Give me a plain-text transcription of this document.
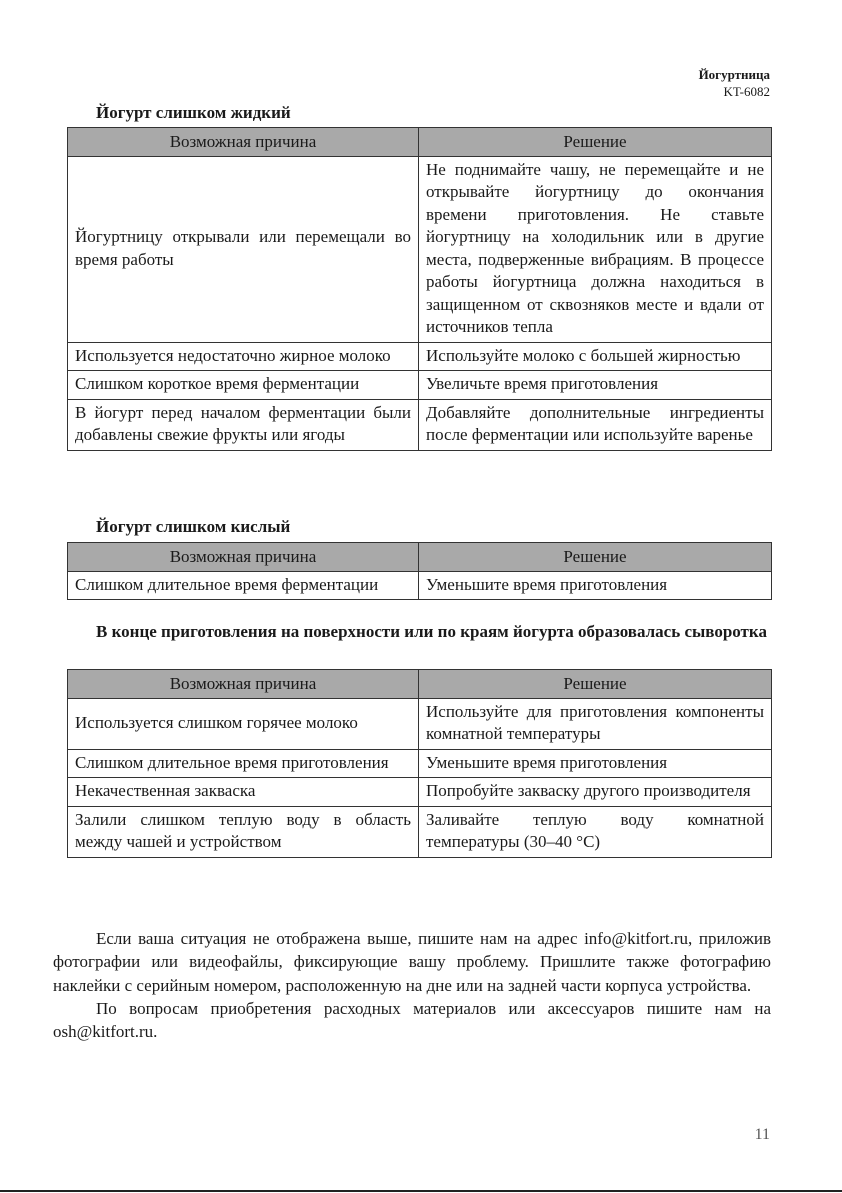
Йогуртница
KT-6082
Йогурт слишком жидкий
Возможная причина	Решение
Йогуртницу открывали или перемещали во время работы	Не поднимайте чашу, не перемещайте и не открывайте йогуртницу до окончания времени приготовления. Не ставьте йогуртницу на холодильник или в другие места, подверженные вибрациям. В процессе работы йогуртница должна находиться в защищенном от сквозняков месте и вдали от источников тепла
Используется недостаточно жирное молоко	Используйте молоко с большей жирностью
Слишком короткое время ферментации	Увеличьте время приготовления
В йогурт перед началом ферментации были добавлены свежие фрукты или ягоды	Добавляйте дополнительные ингредиенты после ферментации или используйте варенье
Йогурт слишком кислый
Возможная причина	Решение
Слишком длительное время ферментации	Уменьшите время приготовления
В конце приготовления на поверхности или по краям йогурта образовалась сыворотка
Возможная причина	Решение
Используется слишком горячее молоко	Используйте для приготовления компоненты комнатной температуры
Слишком длительное время приготовления	Уменьшите время приготовления
Некачественная закваска	Попробуйте закваску другого производителя
Залили слишком теплую воду в область между чашей и устройством	Заливайте теплую воду комнатной температуры (30–40 °C)

Если ваша ситуация не отображена выше, пишите нам на адрес info@kitfort.ru, приложив фотографии или видеофайлы, фиксирующие вашу проблему. Пришлите также фотографию наклейки с серийным номером, расположенную на дне или на задней части корпуса устройства.

По вопросам приобретения расходных материалов или аксессуаров пишите нам на osh@kitfort.ru.

11
